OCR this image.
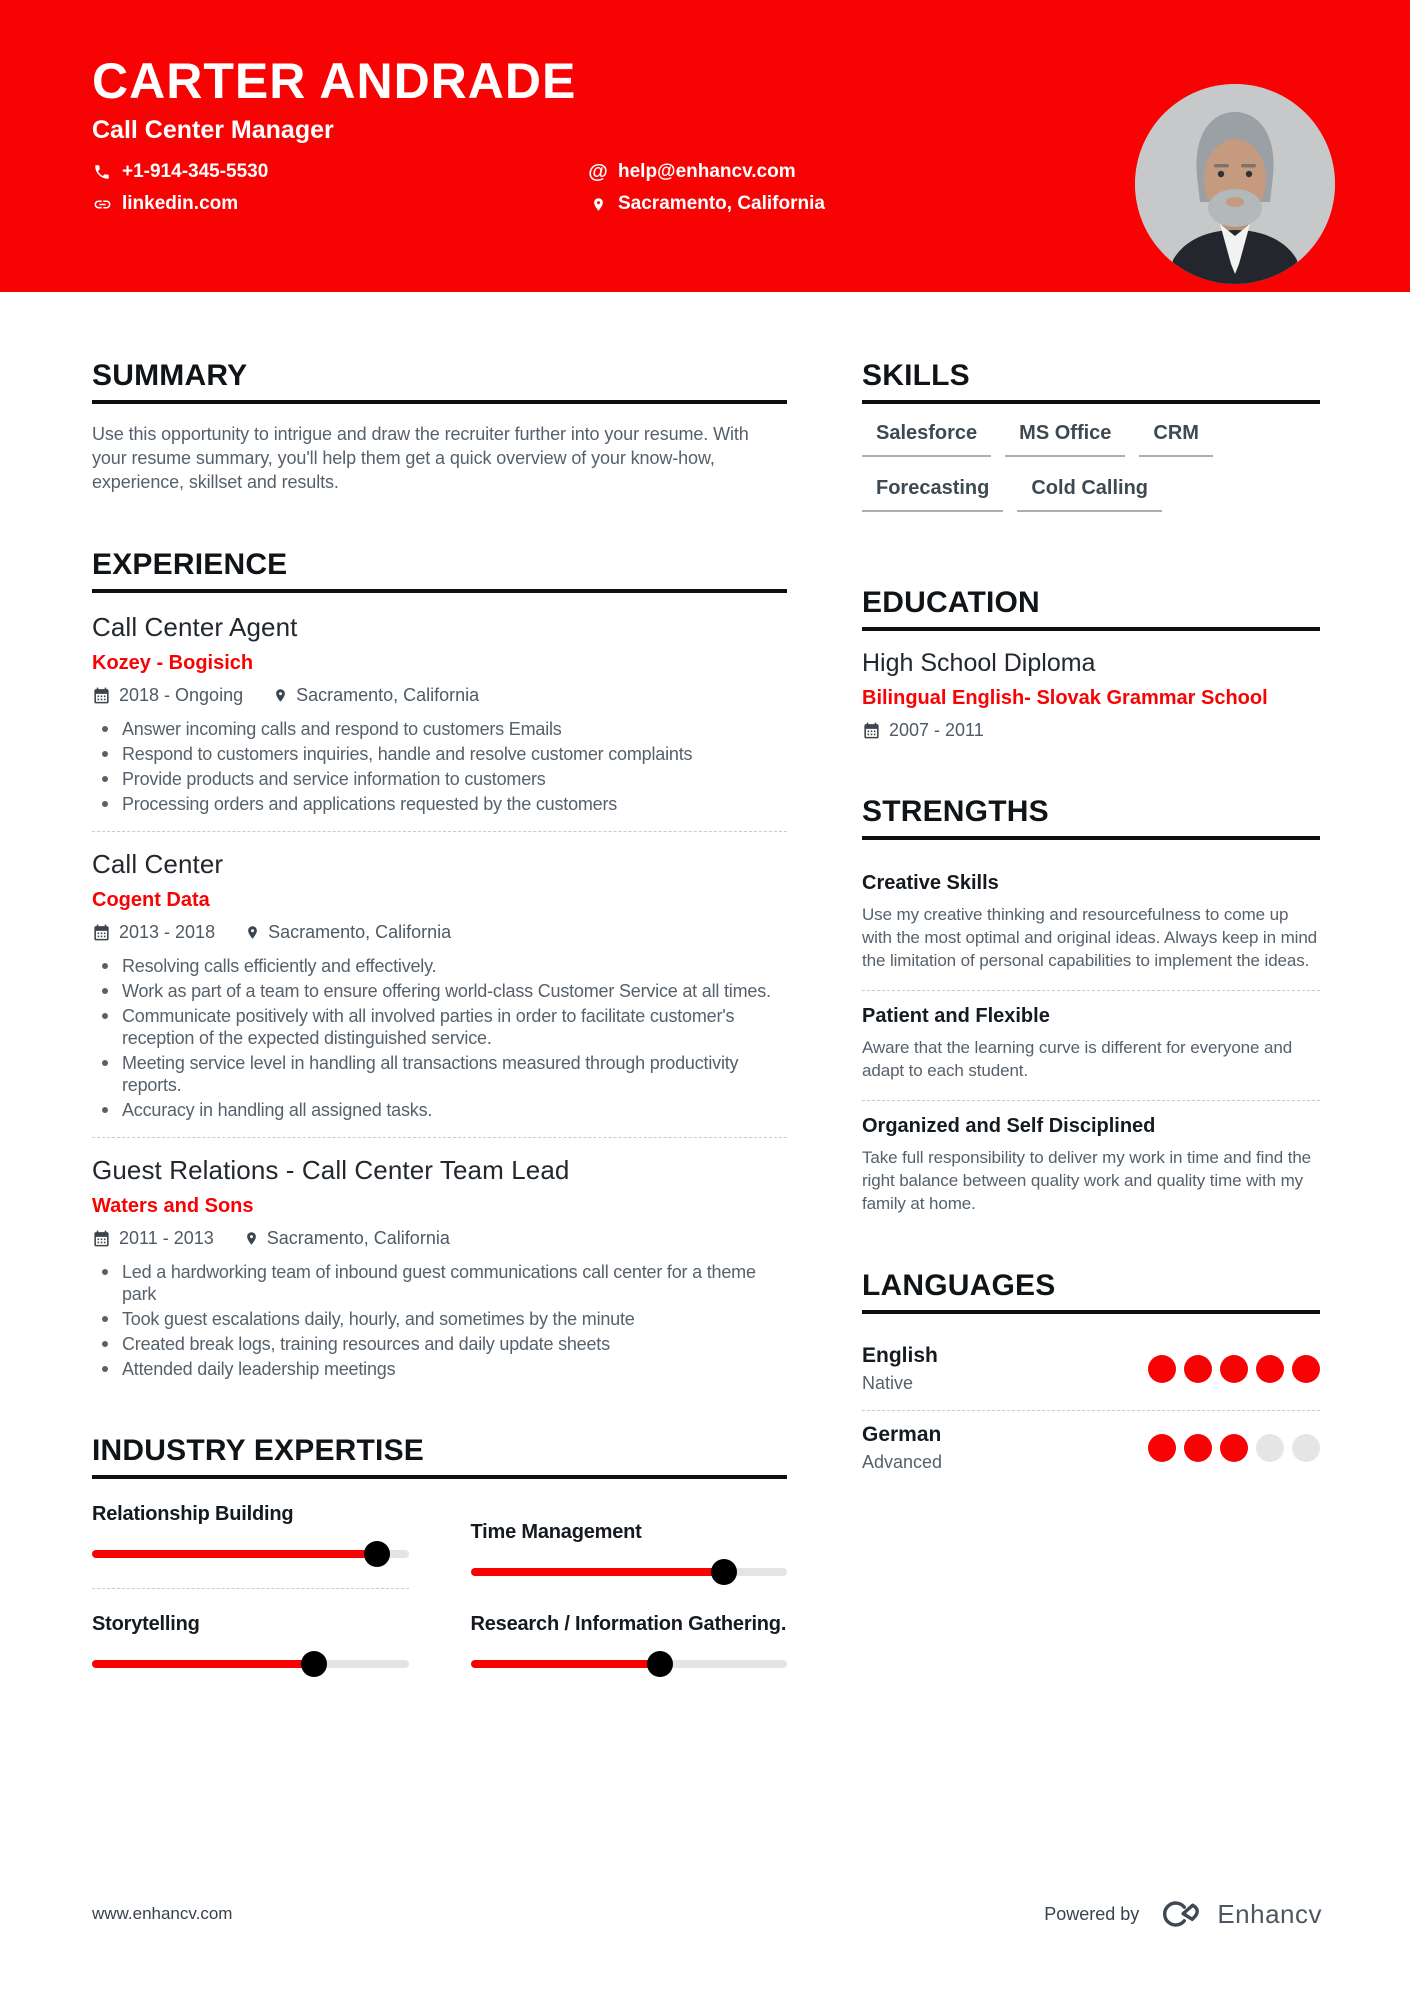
CARTER ANDRADE
Call Center Manager
+1-914-345-5530	@ help@enhancv.com
linkedin.com	Sacramento, California
SUMMARY

Use this opportunity to intrigue and draw the recruiter further into your resume. With your resume summary, you'll help them get a quick overview of your know-how, experience, skillset and results.

EXPERIENCE
Call Center Agent
Kozey - Bogisich
2018 - Ongoing	Sacramento, California
Answer incoming calls and respond to customers Emails
Respond to customers inquiries, handle and resolve customer complaints
Provide products and service information to customers
Processing orders and applications requested by the customers
Call Center
Cogent Data
2013 - 2018	Sacramento, California
Resolving calls efficiently and effectively.
Work as part of a team to ensure offering world-class Customer Service at all times.
Communicate positively with all involved parties in order to facilitate customer's reception of the expected distinguished service.
Meeting service level in handling all transactions measured through productivity reports.
Accuracy in handling all assigned tasks.
Guest Relations - Call Center Team Lead
Waters and Sons
2011 - 2013	Sacramento, California
Led a hardworking team of inbound guest communications call center for a theme park
Took guest escalations daily, hourly, and sometimes by the minute
Created break logs, training resources and daily update sheets
Attended daily leadership meetings
INDUSTRY EXPERTISE
Relationship Building
Time Management
Storytelling	Research / Information Gathering.
SKILLS
Salesforce	MS Office	CRM
Forecasting	Cold Calling
EDUCATION
High School Diploma
Bilingual English- Slovak Grammar School
2007 - 2011
STRENGTHS
Creative Skills

Use my creative thinking and resourcefulness to come up with the most optimal and original ideas. Always keep in mind the limitation of personal capabilities to implement the ideas.

Patient and Flexible

Aware that the learning curve is different for everyone and adapt to each student.

Organized and Self Disciplined

Take full responsibility to deliver my work in time and find the right balance between quality work and quality time with my family at home.

LANGUAGES
English
Native
German
Advanced
www.enhancv.com	Powered by	Enhancv
